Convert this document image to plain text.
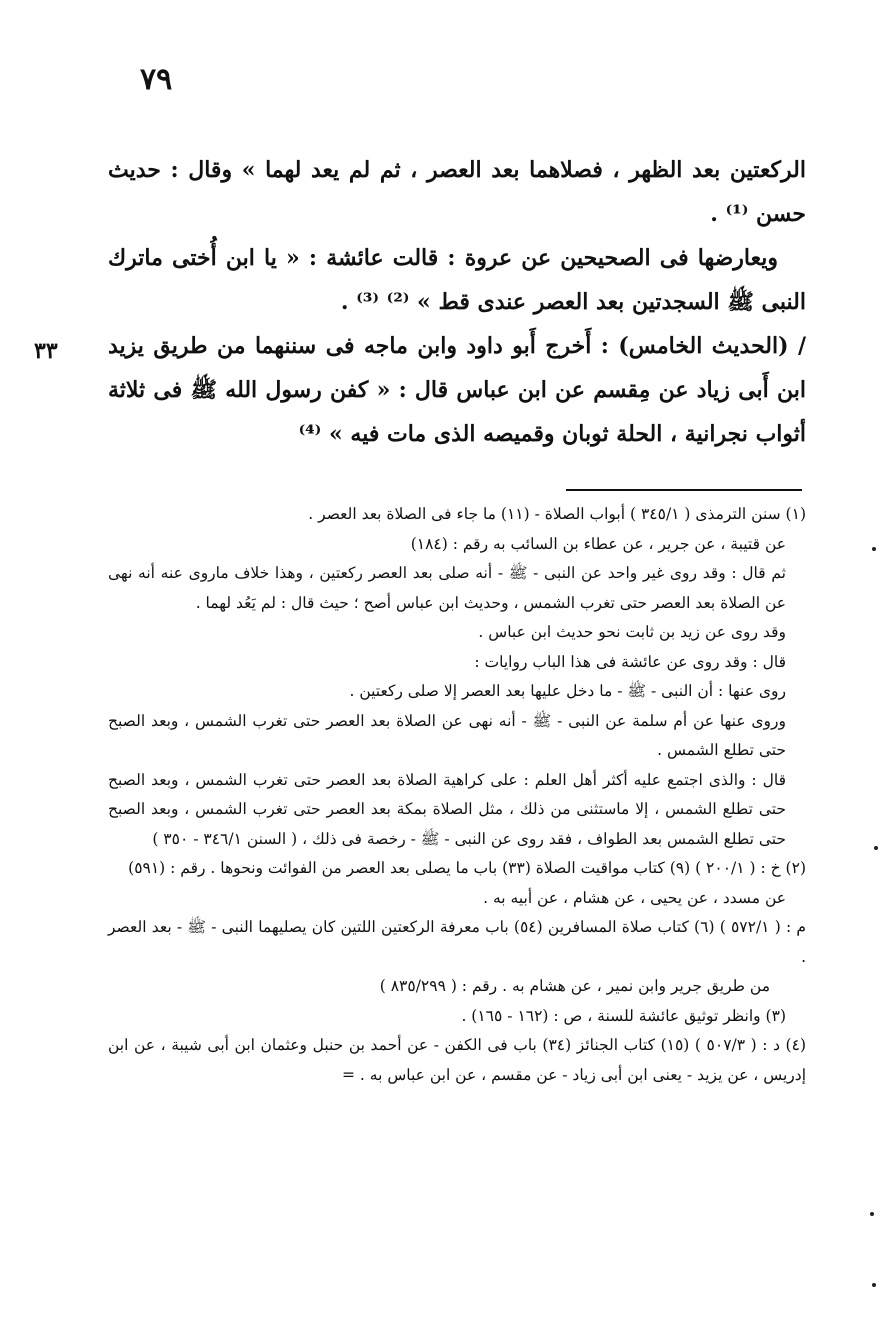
٧٩

الركعتين بعد الظهر ، فصلاهما بعد العصر ، ثم لم يعد لهما » وقال : حديث حسن ⁽¹⁾ .

ويعارضها فى الصحيحين عن عروة : قالت عائشة : « يا ابن أُختى ماترك النبى ﷺ السجدتين بعد العصر عندى قط » ⁽²⁾ ⁽³⁾ .

/ (الحديث الخامس) : أَخرج أَبو داود وابن ماجه فى سننهما من طريق يزيد ابن أَبى زياد عن مِقسم عن ابن عباس قال : « كفن رسول الله ﷺ فى ثلاثة أثواب نجرانية ، الحلة ثوبان وقميصه الذى مات فيه » ⁽⁴⁾

٣٣

(١) سنن الترمذى ( ٣٤٥/١ ) أبواب الصلاة - (١١) ما جاء فى الصلاة بعد العصر .

عن قتيبة ، عن جرير ، عن عطاء بن السائب به رقم : (١٨٤)

ثم قال : وقد روى غير واحد عن النبى - ﷺ - أنه صلى بعد العصر ركعتين ، وهذا خلاف ماروى عنه أنه نهى عن الصلاة بعد العصر حتى تغرب الشمس ، وحديث ابن عباس أصح ؛ حيث قال : لم يَعُد لهما .

وقد روى عن زيد بن ثابت نحو حديث ابن عباس .

قال : وقد روى عن عائشة فى هذا الباب روايات :

روى عنها : أن النبى - ﷺ - ما دخل عليها بعد العصر إلا صلى ركعتين .

وروى عنها عن أم سلمة عن النبى - ﷺ - أنه نهى عن الصلاة بعد العصر حتى تغرب الشمس ، وبعد الصبح حتى تطلع الشمس .

قال : والذى اجتمع عليه أكثر أهل العلم : على كراهية الصلاة بعد العصر حتى تغرب الشمس ، وبعد الصبح حتى تطلع الشمس ، إلا ماستثنى من ذلك ، مثل الصلاة بمكة بعد العصر حتى تغرب الشمس ، وبعد الصبح حتى تطلع الشمس بعد الطواف ، فقد روى عن النبى - ﷺ - رخصة فى ذلك ، ( السنن ٣٤٦/١ - ٣٥٠ )

(٢) خ : ( ٢٠٠/١ ) (٩) كتاب مواقيت الصلاة (٣٣) باب ما يصلى بعد العصر من الفوائت ونحوها . رقم : (٥٩١)

عن مسدد ، عن يحيى ، عن هشام ، عن أبيه به .

م : ( ٥٧٢/١ ) (٦) كتاب صلاة المسافرين (٥٤) باب معرفة الركعتين اللتين كان يصليهما النبى - ﷺ - بعد العصر .

من طريق جرير وابن نمير ، عن هشام به . رقم : ( ٨٣٥/٢٩٩ )

(٣) وانظر توثيق عائشة للسنة ، ص : (١٦٢ - ١٦٥) .

(٤) د : ( ٥٠٧/٣ ) (١٥) كتاب الجنائز (٣٤) باب فى الكفن - عن أحمد بن حنبل وعثمان ابن أبى شيبة ، عن ابن إدريس ، عن يزيد - يعنى ابن أبى زياد - عن مقسم ، عن ابن عباس به . =
